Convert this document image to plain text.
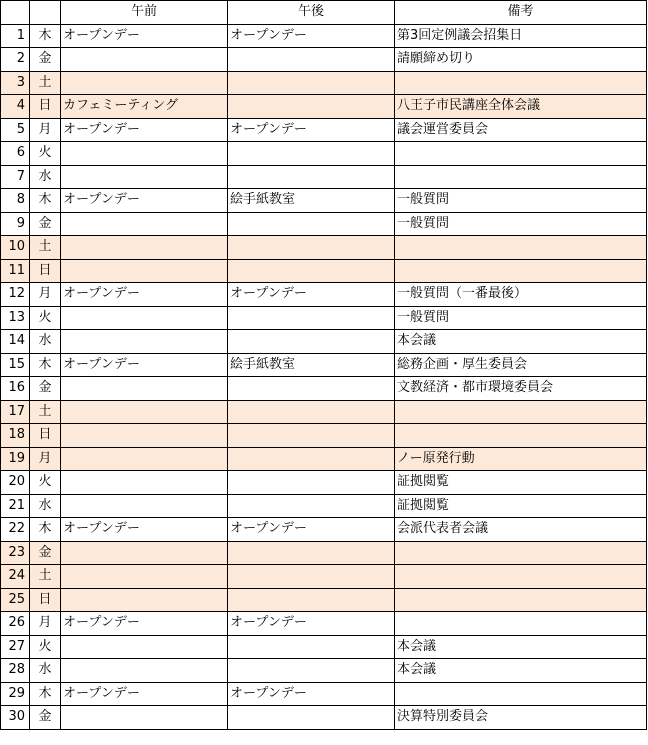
		午前	午後	備考
1	木	オープンデー	オープンデー	第3回定例議会招集日
2	金			請願締め切り
3	土			
4	日	カフェミーティング		八王子市民講座全体会議
5	月	オープンデー	オープンデー	議会運営委員会
6	火			
7	水			
8	木	オープンデー	絵手紙教室	一般質問
9	金			一般質問
10	土			
11	日			
12	月	オープンデー	オープンデー	一般質問（一番最後）
13	火			一般質問
14	水			本会議
15	木	オープンデー	絵手紙教室	総務企画・厚生委員会
16	金			文教経済・都市環境委員会
17	土			
18	日			
19	月			ノー原発行動
20	火			証拠閲覧
21	水			証拠閲覧
22	木	オープンデー	オープンデー	会派代表者会議
23	金			
24	土			
25	日			
26	月	オープンデー	オープンデー	
27	火			本会議
28	水			本会議
29	木	オープンデー	オープンデー	
30	金			決算特別委員会
